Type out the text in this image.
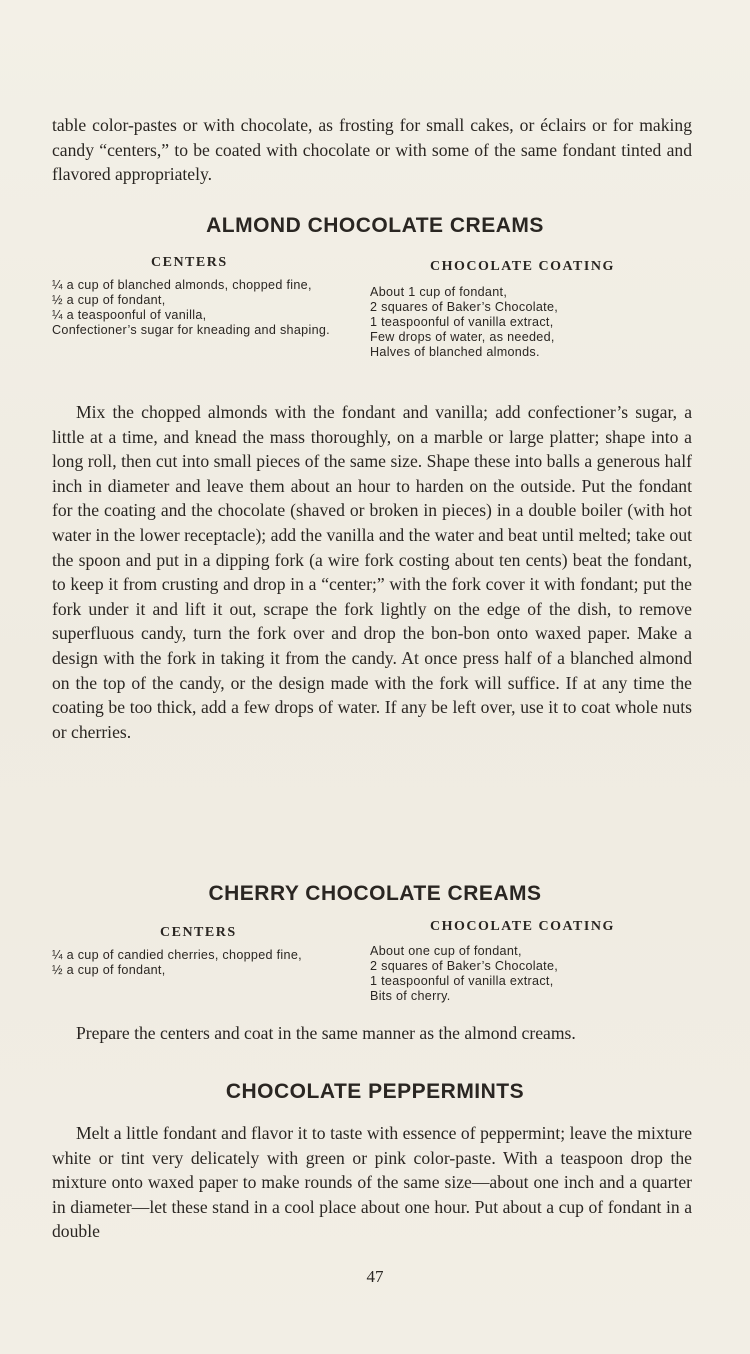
table color-pastes or with chocolate, as frosting for small cakes, or éclairs or for making candy “centers,” to be coated with chocolate or with some of the same fondant tinted and flavored appropriately.

ALMOND CHOCOLATE CREAMS
CENTERS
¼ a cup of blanched almonds, chopped fine,
½ a cup of fondant,
¼ a teaspoonful of vanilla,
Confectioner’s sugar for kneading and shaping.
CHOCOLATE COATING
About 1 cup of fondant,
2 squares of Baker’s Chocolate,
1 teaspoonful of vanilla extract,
Few drops of water, as needed,
Halves of blanched almonds.

Mix the chopped almonds with the fondant and vanilla; add confectioner’s sugar, a little at a time, and knead the mass thoroughly, on a marble or large platter; shape into a long roll, then cut into small pieces of the same size. Shape these into balls a generous half inch in diameter and leave them about an hour to harden on the outside. Put the fondant for the coating and the chocolate (shaved or broken in pieces) in a double boiler (with hot water in the lower receptacle); add the vanilla and the water and beat until melted; take out the spoon and put in a dipping fork (a wire fork costing about ten cents) beat the fondant, to keep it from crusting and drop in a “center;” with the fork cover it with fondant; put the fork under it and lift it out, scrape the fork lightly on the edge of the dish, to remove superfluous candy, turn the fork over and drop the bon-bon onto waxed paper. Make a design with the fork in taking it from the candy. At once press half of a blanched almond on the top of the candy, or the design made with the fork will suffice. If at any time the coating be too thick, add a few drops of water. If any be left over, use it to coat whole nuts or cherries.

CHERRY CHOCOLATE CREAMS
CENTERS
¼ a cup of candied cherries, chopped fine,
½ a cup of fondant,
CHOCOLATE COATING
About one cup of fondant,
2 squares of Baker’s Chocolate,
1 teaspoonful of vanilla extract,
Bits of cherry.

Prepare the centers and coat in the same manner as the almond creams.

CHOCOLATE PEPPERMINTS

Melt a little fondant and flavor it to taste with essence of peppermint; leave the mixture white or tint very delicately with green or pink color-paste. With a teaspoon drop the mixture onto waxed paper to make rounds of the same size—about one inch and a quarter in diameter—let these stand in a cool place about one hour. Put about a cup of fondant in a double

47
